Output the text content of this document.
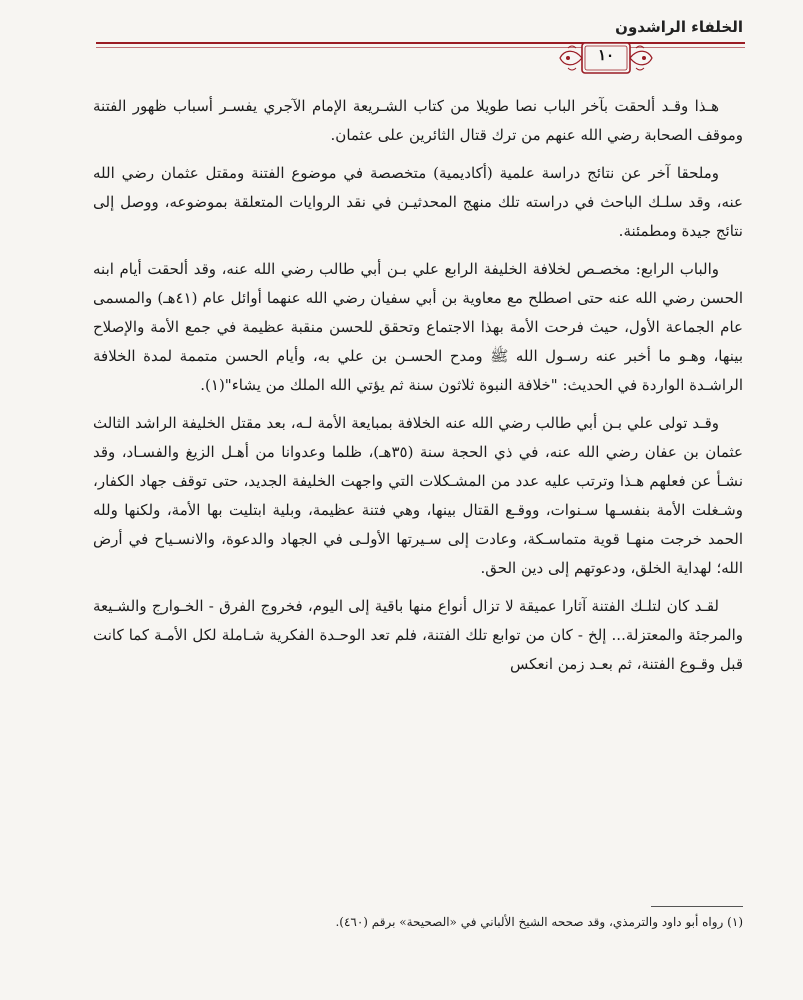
الخلفاء الراشدون
١٠

هـذا وقـد ألحقت بآخر الباب نصا طويلا من كتاب الشـريعة الإمام الآجري يفسـر أسباب ظهور الفتنة وموقف الصحابة رضي الله عنهم من ترك قتال الثائرين على عثمان.

وملحقا آخر عن نتائج دراسة علمية (أكاديمية) متخصصة في موضوع الفتنة ومقتل عثمان رضي الله عنه، وقد سلـك الباحث في دراسته تلك منهج المحدثيـن في نقد الروايات المتعلقة بموضوعه، ووصل إلى نتائج جيدة ومطمئنة.

والباب الرابع: مخصـص لخلافة الخليفة الرابع علي بـن أبي طالب رضي الله عنه، وقد ألحقت أيام ابنه الحسن رضي الله عنه حتى اصطلح مع معاوية بن أبي سفيان رضي الله عنهما أوائل عام (٤١هـ) والمسمى عام الجماعة الأول، حيث فرحت الأمة بهذا الاجتماع وتحقق للحسن منقبة عظيمة في جمع الأمة والإصلاح بينها، وهـو ما أخبر عنه رسـول الله ﷺ ومدح الحسـن بن علي به، وأيام الحسن متممة لمدة الخلافة الراشـدة الواردة في الحديث: "خلافة النبوة ثلاثون سنة ثم يؤتي الله الملك من يشاء"(١).

وقـد تولى علي بـن أبي طالب رضي الله عنه الخلافة بمبايعة الأمة لـه، بعد مقتل الخليفة الراشد الثالث عثمان بن عفان رضي الله عنه، في ذي الحجة سنة (٣٥هـ)، ظلما وعدوانا من أهـل الزيغ والفسـاد، وقد نشـأ عن فعلهم هـذا وترتب عليه عدد من المشـكلات التي واجهت الخليفة الجديد، حتى توقف جهاد الكفار، وشـغلت الأمة بنفسـها سـنوات، ووقـع القتال بينها، وهي فتنة عظيمة، وبلية ابتليت بها الأمة، ولكنها ولله الحمد خرجت منهـا قوية متماسـكة، وعادت إلى سـيرتها الأولـى في الجهاد والدعوة، والانسـياح في أرض الله؛ لهداية الخلق، ودعوتهم إلى دين الحق.

لقـد كان لتلـك الفتنة آثارا عميقة لا تزال أنواع منها باقية إلى اليوم، فخروج الفرق - الخـوارج والشـيعة والمرجئة والمعتزلة... إلخ - كان من توابع تلك الفتنة، فلم تعد الوحـدة الفكرية شـاملة لكل الأمـة كما كانت قبل وقـوع الفتنة، ثم بعـد زمن انعكس

(١) رواه أبو داود والترمذي، وقد صححه الشيخ الألباني في «الصحيحة» برقم (٤٦٠).
